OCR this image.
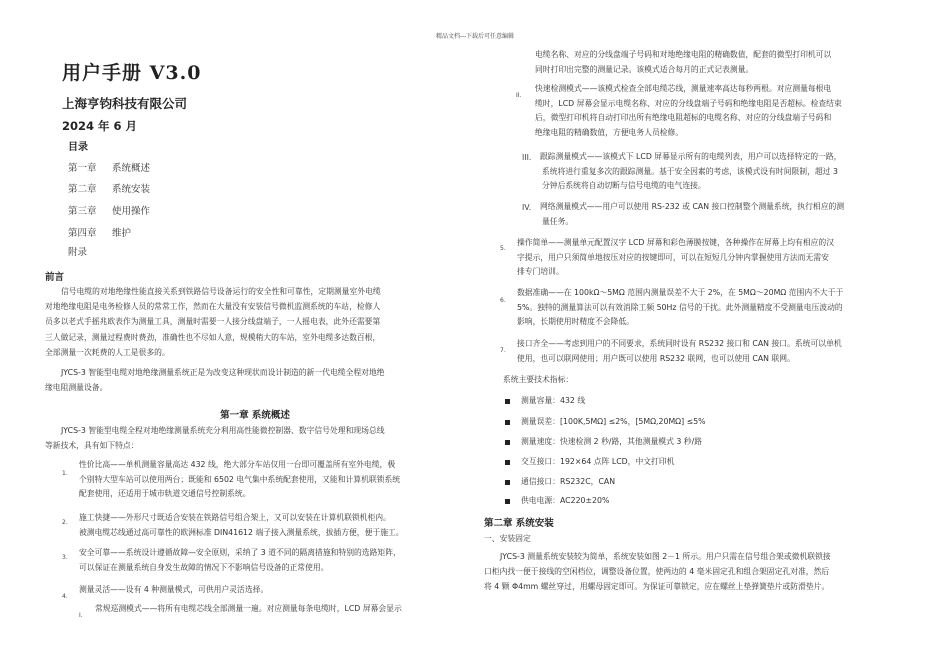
精品文档---下载后可任意编辑
用户手册 V3.0
上海亨钧科技有限公司
2024 年 6 月
目录
第一章 系统概述
第二章 系统安装
第三章 使用操作
第四章 维护
附录
前言
信号电缆的对地绝缘性能直接关系到铁路信号设备运行的安全性和可靠性，定期测量室外电缆
对地绝缘电阻是电务检修人员的常常工作，然而在大量没有安装信号微机监测系统的车站，检修人
员多以老式手摇兆欧表作为测量工具，测量时需要一人接分线盘端子，一人摇电表，此外还需要第
三人做记录，测量过程费时费劲，准确性也不尽如人意，规模稍大的车站，室外电缆多达数百根，
全部测量一次耗费的人工是很多的。
JYCS-3 智能型电缆对地绝缘测量系统正是为改变这种现状而设计制造的新一代电缆全程对地绝
缘电阻测量设备。
第一章 系统概述
JYCS-3 智能型电缆全程对地绝缘测量系统充分利用高性能微控制器、数字信号处理和现场总线
等新技术，具有如下特点：
1.
性价比高——单机测量容量高达 432 线，绝大部分车站仅用一台即可覆盖所有室外电缆，极
个别特大型车站可以使用两台；既能和 6502 电气集中系统配套使用，又能和计算机联锁系统
配套使用，还适用于城市轨道交通信号控制系统。
2.
施工快捷——外形尺寸既适合安装在铁路信号组合架上，又可以安装在计算机联锁机柜内。
被测电缆芯线通过高可靠性的欧洲标准 DIN41612 端子接入测量系统，拔插方便，便于施工。
3.
安全可靠——系统设计遵循故障—安全原则，采纳了 3 道不同的隔离措施和特别的选路矩阵，
可以保证在测量系统自身发生故障的情况下不影响信号设备的正常使用。
4.
测量灵活——设有 4 种测量模式，可供用户灵活选择。
I.
常规巡测模式——将所有电缆芯线全部测量一遍。对应测量每条电缆时，LCD 屏幕会显示
电缆名称、对应的分线盘端子号码和对地绝缘电阻的精确数值，配套的微型打印机可以
同时打印出完整的测量记录。该模式适合每月的正式记表测量。
II.
快速检测模式——该模式检查全部电缆芯线，测量速率高达每秒两根。对应测量每根电
缆时，LCD 屏幕会显示电缆名称、对应的分线盘端子号码和绝缘电阻是否超标。检查结束
后，微型打印机将自动打印出所有绝缘电阻超标的电缆名称、对应的分线盘端子号码和
绝缘电阻的精确数值，方便电务人员检修。
III. 跟踪测量模式——该模式下 LCD 屏幕显示所有的电缆列表，用户可以选择特定的一路，
系统将进行重复多次的跟踪测量。基于安全因素的考虑，该模式设有时间限制，超过 3
分钟后系统将自动切断与信号电缆的电气连接。
IV. 网络测量模式——用户可以使用 RS-232 或 CAN 接口控制整个测量系统，执行相应的测
量任务。
5.
操作简单——测量单元配置汉字 LCD 屏幕和彩色薄膜按键，各种操作在屏幕上均有相应的汉
字提示，用户只须简单地按压对应的按键即可，可以在短短几分钟内掌握使用方法而无需安
排专门培训。
6.
数据准确——在 100kΩ～5MΩ 范围内测量误差不大于 2%，在 5MΩ～20MΩ 范围内不大于于
5%。独特的测量算法可以有效消除工频 50Hz 信号的干扰。此外测量精度不受测量电压波动的
影响，长期使用时精度不会降低。
7.
接口齐全——考虑到用户的不同要求，系统同时设有 RS232 接口和 CAN 接口。系统可以单机
使用，也可以联网使用；用户既可以使用 RS232 联网，也可以使用 CAN 联网。
系统主要技术指标：
测量容量：432 线
测量误差：[100K,5MΩ] ≤2%，[5MΩ,20MΩ] ≤5%
测量速度：快速检测 2 秒/路，其他测量模式 3 秒/路
交互接口：192×64 点阵 LCD，中文打印机
通信接口：RS232C，CAN
供电电源：AC220±20%
第二章 系统安装
一、安装固定
JYCS-3 测量系统安装较为简单，系统安装如图 2－1 所示。用户只需在信号组合架或微机联锁接
口柜内找一便于接线的空闲档位，调整设备位置，使两边的 4 毫米固定孔和组合架固定孔对准，然后
将 4 颗 Φ4mm 螺丝穿过，用螺母固定即可。为保证可靠锁定，应在螺丝上垫弹簧垫片或防滑垫片。
